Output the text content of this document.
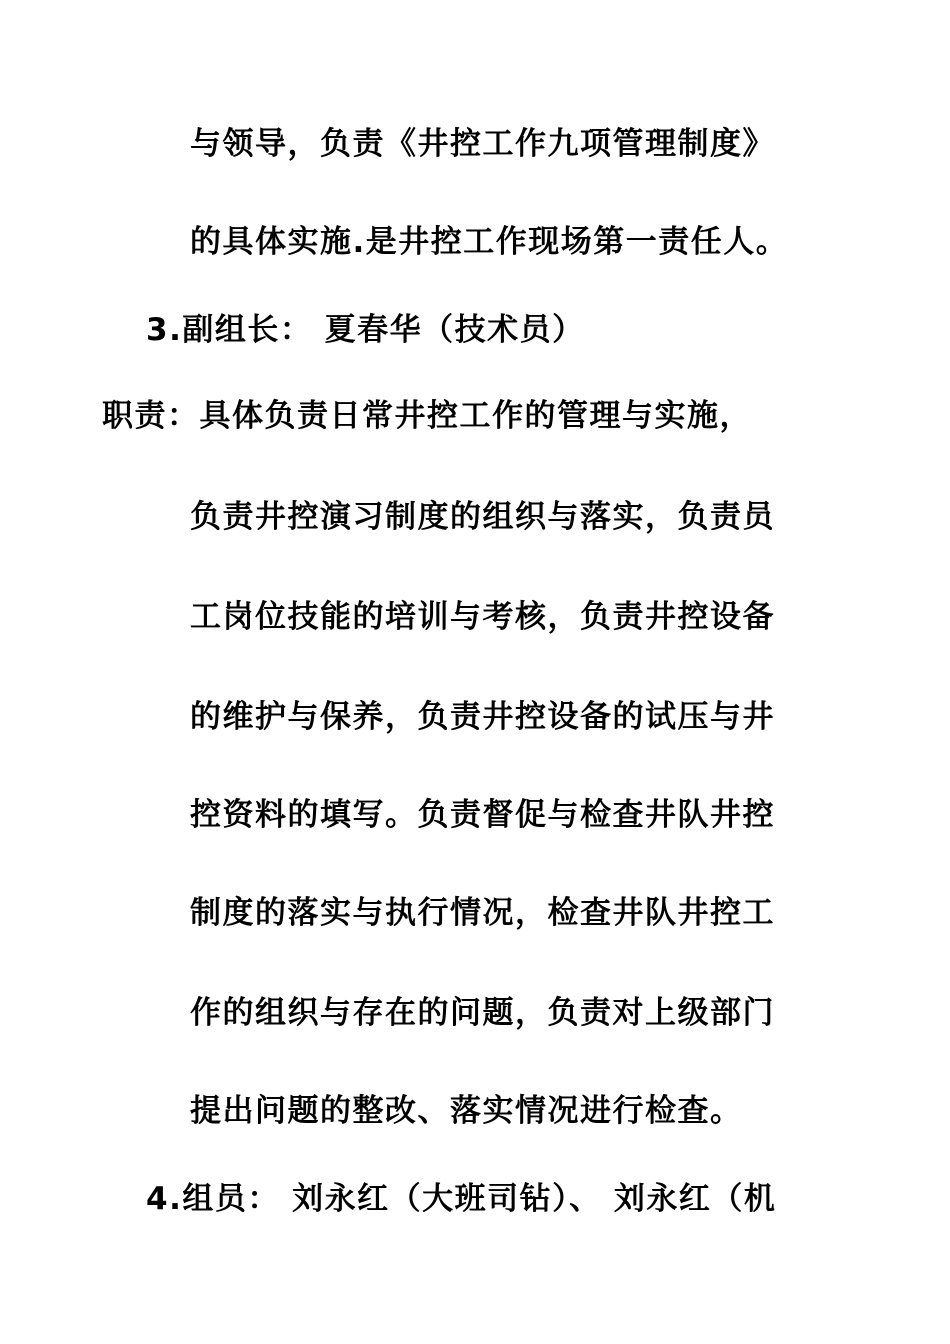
与领导，负责《井控工作九项管理制度》
的具体实施.是井控工作现场第一责任人。
3.副组长： 夏春华（技术员）
职责：具体负责日常井控工作的管理与实施，
负责井控演习制度的组织与落实，负责员
工岗位技能的培训与考核，负责井控设备
的维护与保养，负责井控设备的试压与井
控资料的填写。负责督促与检查井队井控
制度的落实与执行情况，检查井队井控工
作的组织与存在的问题，负责对上级部门
提出问题的整改、落实情况进行检查。
4.组员： 刘永红（大班司钻）、 刘永红（机
